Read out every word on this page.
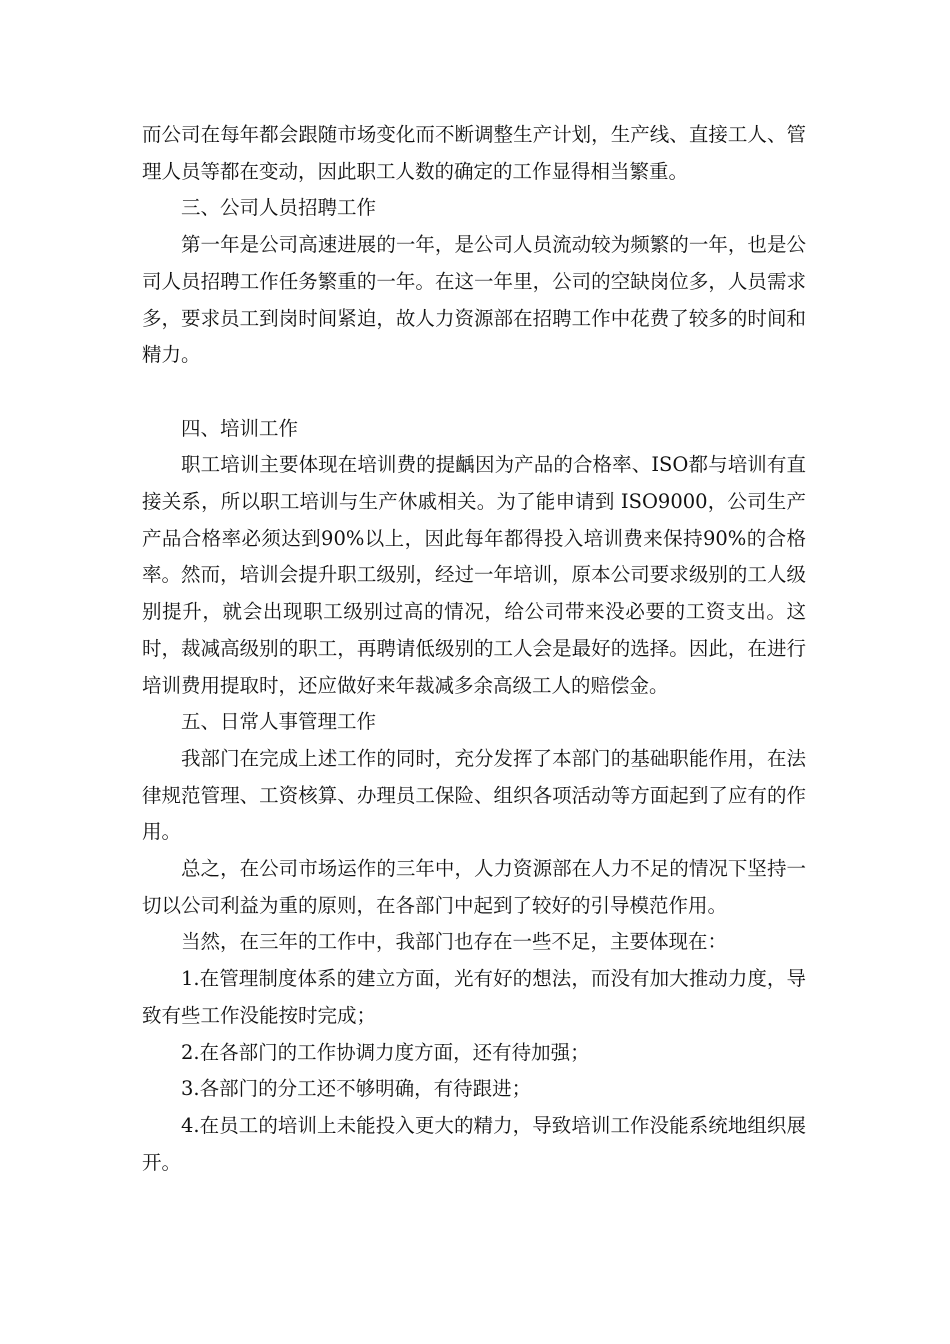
而公司在每年都会跟随市场变化而不断调整生产计划，生产线、直接工人、管理人员等都在变动，因此职工人数的确定的工作显得相当繁重。

三、公司人员招聘工作

第一年是公司高速进展的一年，是公司人员流动较为频繁的一年，也是公司人员招聘工作任务繁重的一年。在这一年里，公司的空缺岗位多，人员需求多，要求员工到岗时间紧迫，故人力资源部在招聘工作中花费了较多的时间和精力。

四、培训工作

职工培训主要体现在培训费的提齲因为产品的合格率、ISO都与培训有直接关系，所以职工培训与生产休戚相关。为了能申请到 ISO9000，公司生产产品合格率必须达到90%以上，因此每年都得投入培训费来保持90%的合格率。然而，培训会提升职工级别，经过一年培训，原本公司要求级别的工人级别提升，就会出现职工级别过高的情况，给公司带来没必要的工资支出。这时，裁减高级别的职工，再聘请低级别的工人会是最好的选择。因此，在进行培训费用提取时，还应做好来年裁减多余高级工人的赔偿金。

五、日常人事管理工作

我部门在完成上述工作的同时，充分发挥了本部门的基础职能作用，在法律规范管理、工资核算、办理员工保险、组织各项活动等方面起到了应有的作用。

总之，在公司市场运作的三年中，人力资源部在人力不足的情况下坚持一切以公司利益为重的原则，在各部门中起到了较好的引导模范作用。

当然，在三年的工作中，我部门也存在一些不足，主要体现在：

1.在管理制度体系的建立方面，光有好的想法，而没有加大推动力度，导致有些工作没能按时完成；

2.在各部门的工作协调力度方面，还有待加强；

3.各部门的分工还不够明确，有待跟进；

4.在员工的培训上未能投入更大的精力，导致培训工作没能系统地组织展开。
